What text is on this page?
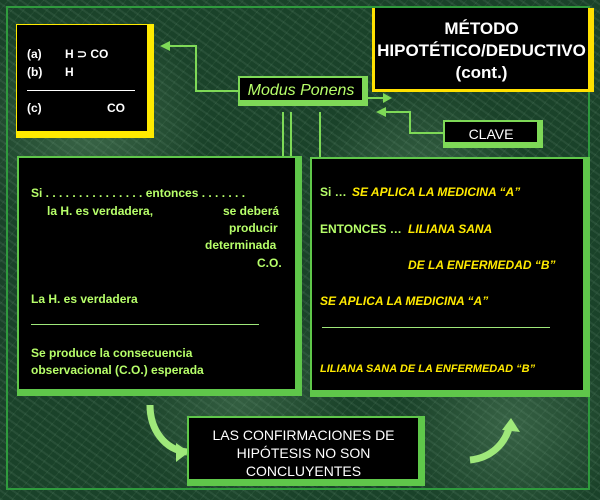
MÉTODO
HIPOTÉTICO/DEDUCTIVO
(cont.)
(a) H ⊃ CO
(b) H
(c)	CO
Modus Ponens
CLAVE
Si . . . . . . . . . . . . . . . entonces . . . . . . .
la H. es verdadera,	se deberá
producir
determinada
C.O.
La H. es verdadera
Se produce la consecuencia
observacional (C.O.) esperada
Si … SE APLICA LA MEDICINA “A”
ENTONCES … LILIANA SANA
DE LA ENFERMEDAD “B”
SE APLICA LA MEDICINA “A”
LILIANA SANA DE LA ENFERMEDAD “B”
LAS CONFIRMACIONES DE
HIPÓTESIS NO SON
CONCLUYENTES
